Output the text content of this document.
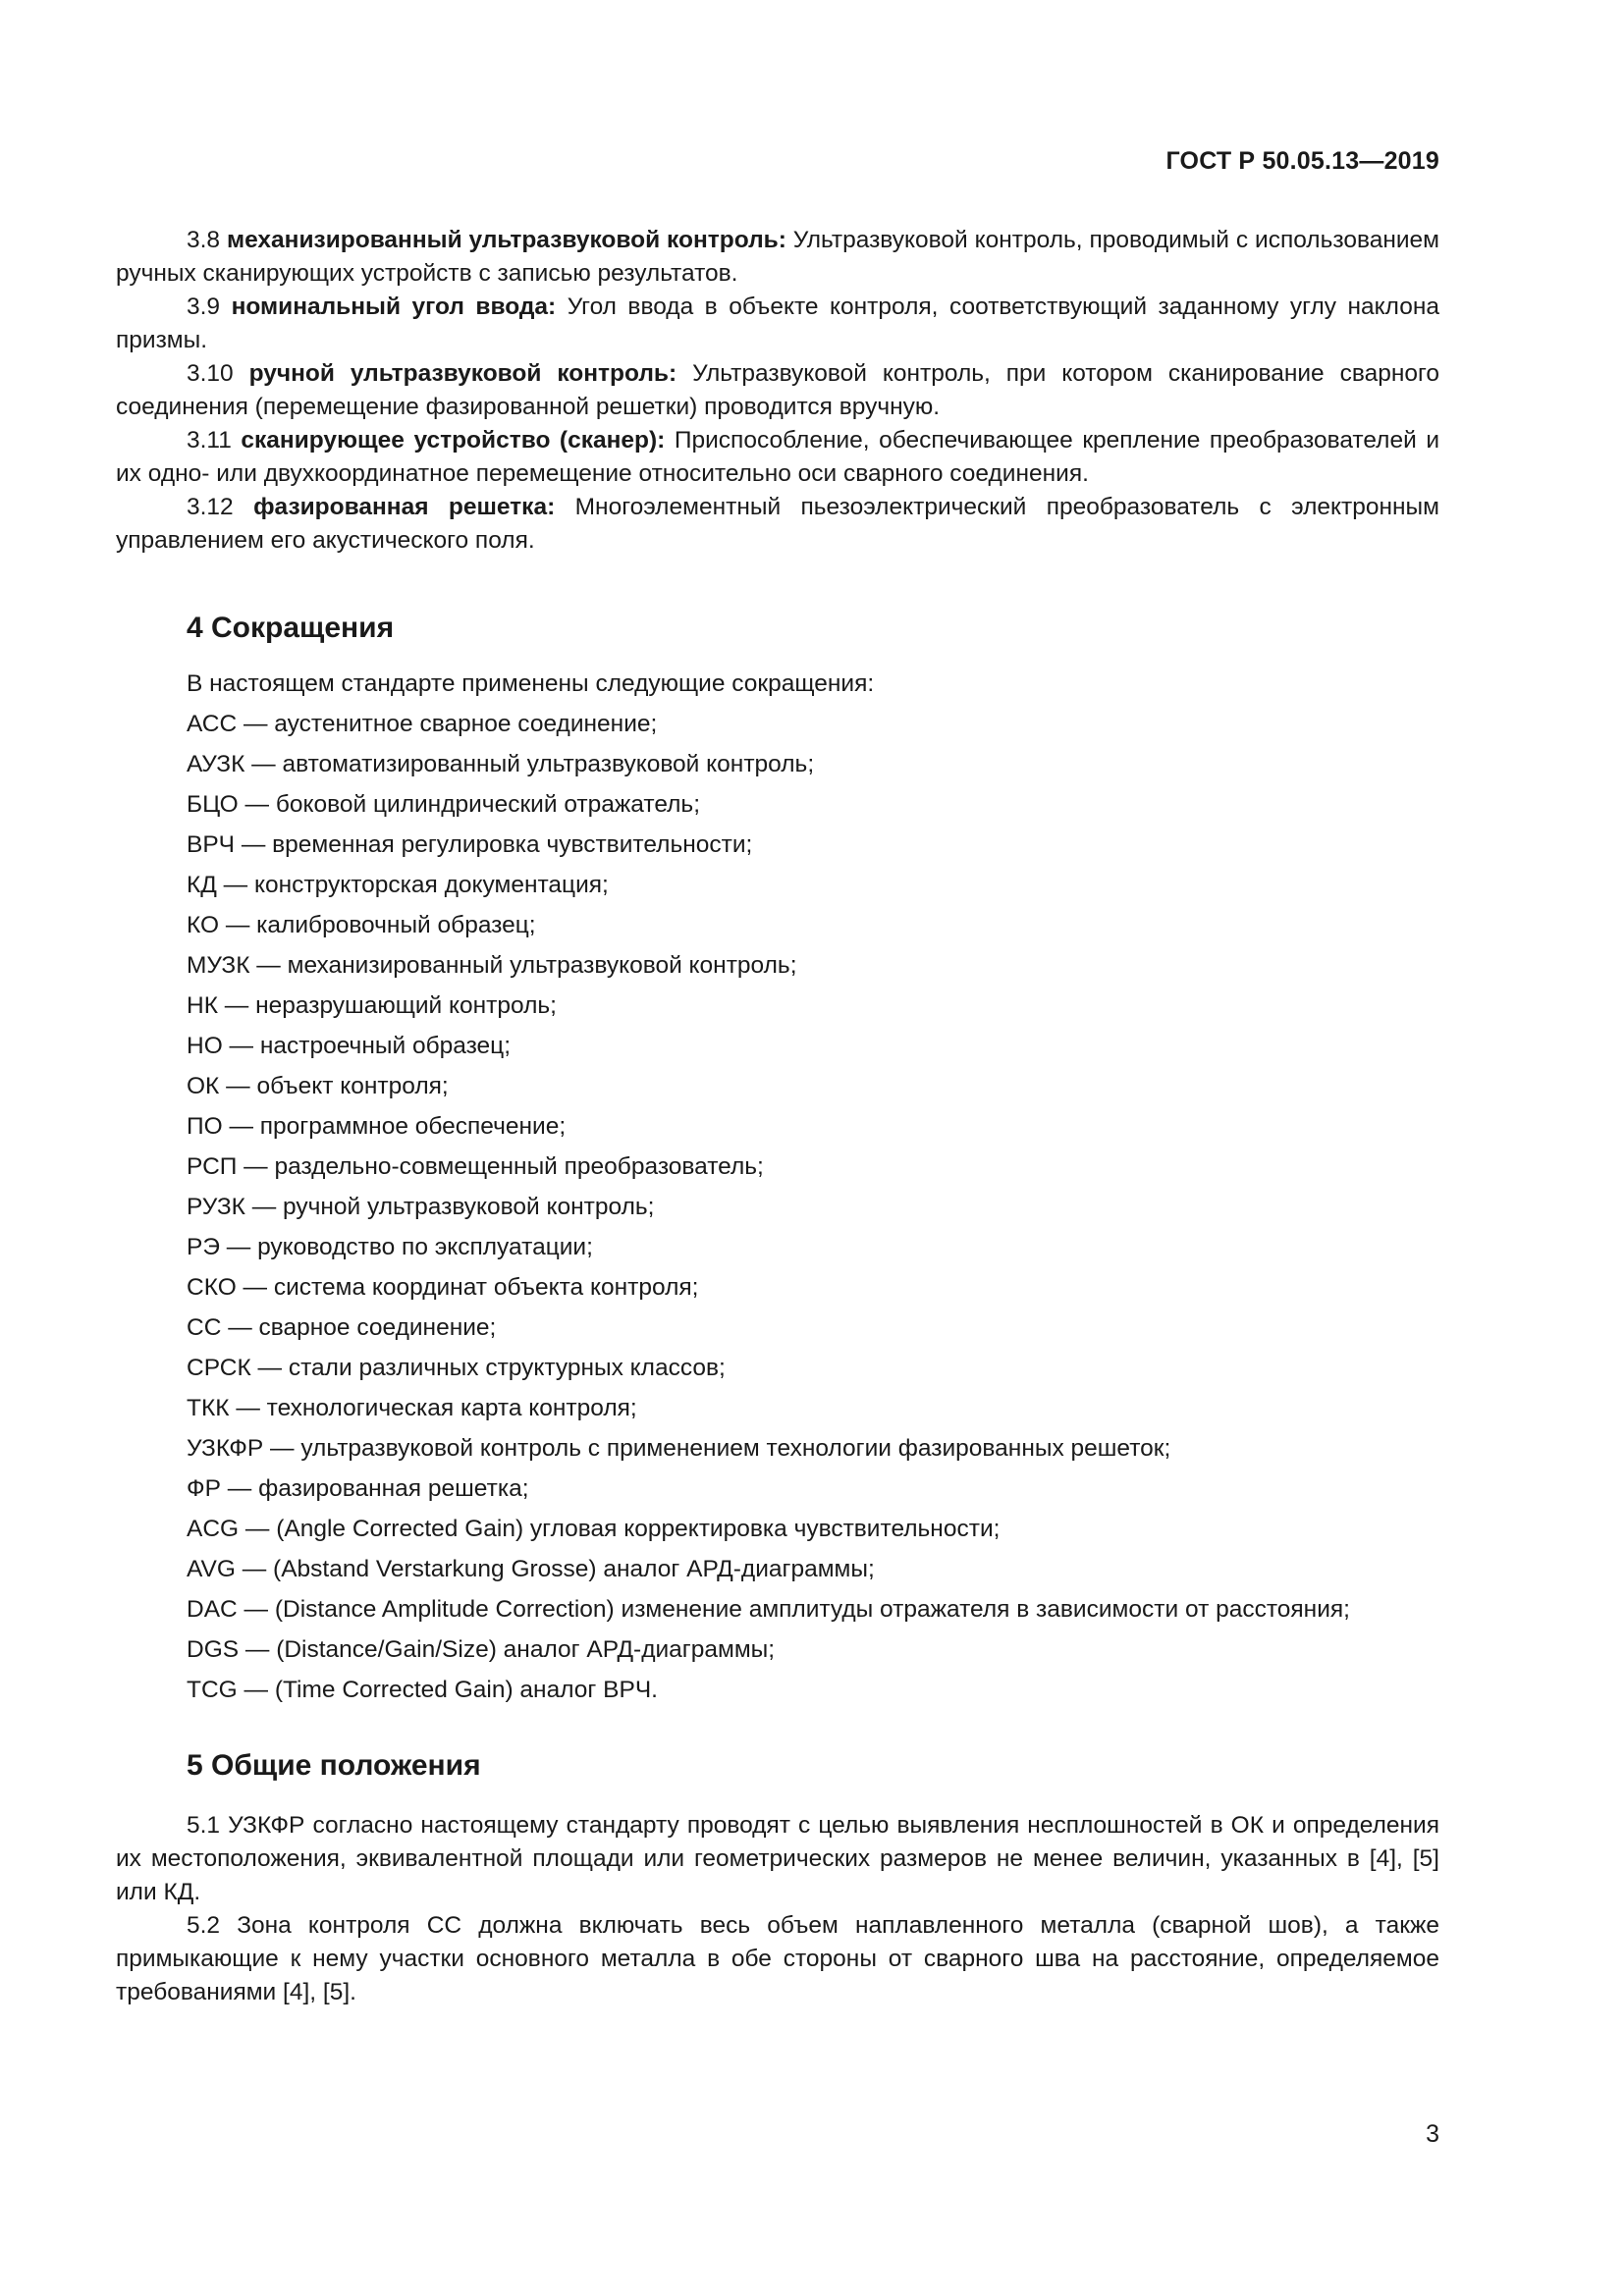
ГОСТ Р 50.05.13—2019

3.8 механизированный ультразвуковой контроль: Ультразвуковой контроль, проводимый с использованием ручных сканирующих устройств с записью результатов.

3.9 номинальный угол ввода: Угол ввода в объекте контроля, соответствующий заданному углу наклона призмы.

3.10 ручной ультразвуковой контроль: Ультразвуковой контроль, при котором сканирование сварного соединения (перемещение фазированной решетки) проводится вручную.

3.11 сканирующее устройство (сканер): Приспособление, обеспечивающее крепление преобразователей и их одно- или двухкоординатное перемещение относительно оси сварного соединения.

3.12 фазированная решетка: Многоэлементный пьезоэлектрический преобразователь с электронным управлением его акустического поля.

4 Сокращения

В настоящем стандарте применены следующие сокращения:

АСС — аустенитное сварное соединение;
АУЗК — автоматизированный ультразвуковой контроль;
БЦО — боковой цилиндрический отражатель;
ВРЧ — временная регулировка чувствительности;
КД — конструкторская документация;
КО — калибровочный образец;
МУЗК — механизированный ультразвуковой контроль;
НК — неразрушающий контроль;
НО — настроечный образец;
ОК — объект контроля;
ПО — программное обеспечение;
РСП — раздельно-совмещенный преобразователь;
РУЗК — ручной ультразвуковой контроль;
РЭ — руководство по эксплуатации;
СКО — система координат объекта контроля;
СС — сварное соединение;
СРСК — стали различных структурных классов;
ТКК — технологическая карта контроля;
УЗКФР — ультразвуковой контроль с применением технологии фазированных решеток;
ФР — фазированная решетка;
ACG — (Angle Corrected Gain) угловая корректировка чувствительности;
AVG — (Abstand Verstarkung Grosse) аналог АРД-диаграммы;
DAC — (Distance Amplitude Correction) изменение амплитуды отражателя в зависимости от расстояния;
DGS — (Distance/Gain/Size) аналог АРД-диаграммы;
TCG — (Time Corrected Gain) аналог ВРЧ.
5 Общие положения

5.1 УЗКФР согласно настоящему стандарту проводят с целью выявления несплошностей в ОК и определения их местоположения, эквивалентной площади или геометрических размеров не менее величин, указанных в [4], [5] или КД.

5.2 Зона контроля СС должна включать весь объем наплавленного металла (сварной шов), а также примыкающие к нему участки основного металла в обе стороны от сварного шва на расстояние, определяемое требованиями [4], [5].

3
